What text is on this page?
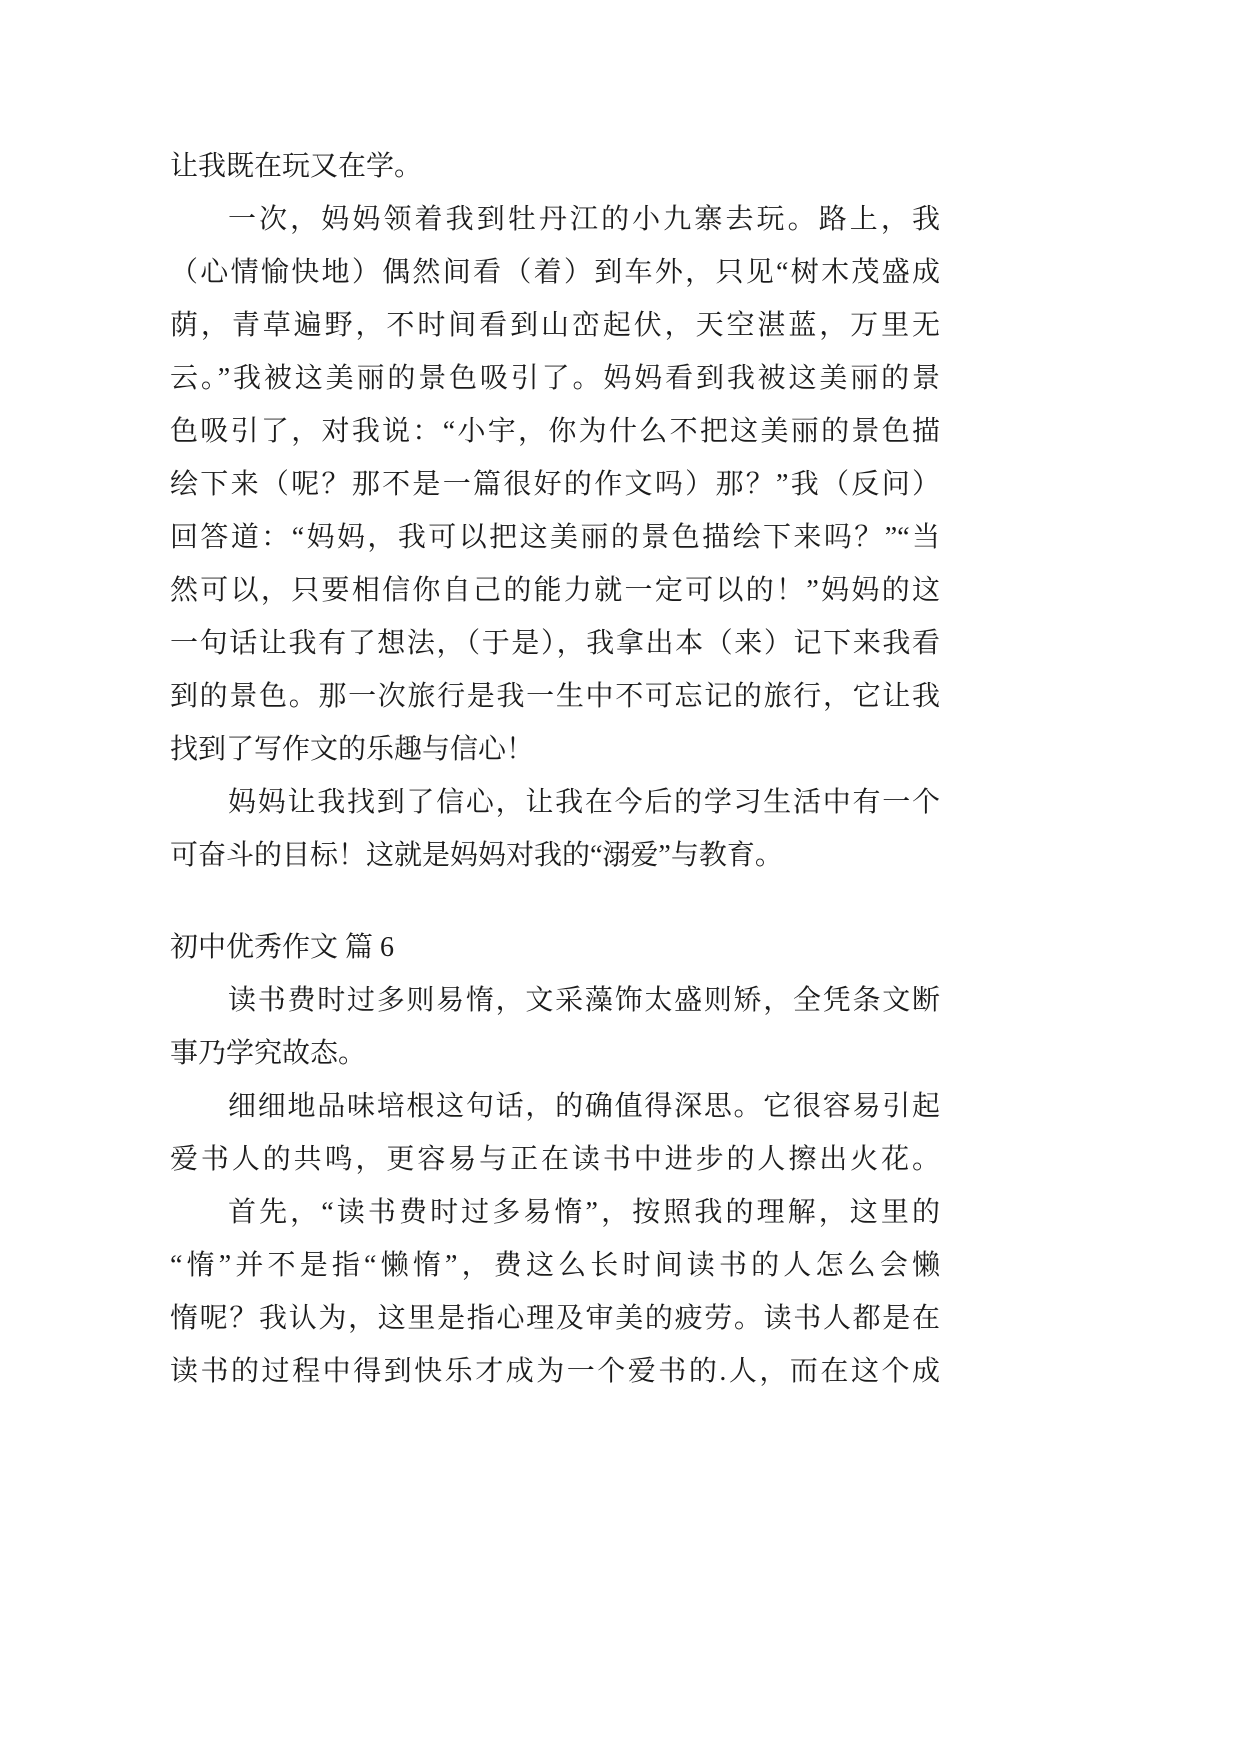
让我既在玩又在学。
一次，妈妈领着我到牡丹江的小九寨去玩。路上，我
（心情愉快地）偶然间看（着）到车外，只见“树木茂盛成
荫，青草遍野，不时间看到山峦起伏，天空湛蓝，万里无
云。”我被这美丽的景色吸引了。妈妈看到我被这美丽的景
色吸引了，对我说：“小宇，你为什么不把这美丽的景色描
绘下来（呢？那不是一篇很好的作文吗）那？”我（反问）
回答道：“妈妈，我可以把这美丽的景色描绘下来吗？”“当
然可以，只要相信你自己的能力就一定可以的！”妈妈的这
一句话让我有了想法，（于是），我拿出本（来）记下来我看
到的景色。那一次旅行是我一生中不可忘记的旅行，它让我
找到了写作文的乐趣与信心！
妈妈让我找到了信心，让我在今后的学习生活中有一个
可奋斗的目标！这就是妈妈对我的“溺爱”与教育。
初中优秀作文 篇 6
读书费时过多则易惰，文采藻饰太盛则矫，全凭条文断
事乃学究故态。
细细地品味培根这句话，的确值得深思。它很容易引起
爱书人的共鸣，更容易与正在读书中进步的人擦出火花。
首先，“读书费时过多易惰”，按照我的理解，这里的
“惰”并不是指“懒惰”，费这么长时间读书的人怎么会懒
惰呢？我认为，这里是指心理及审美的疲劳。读书人都是在
读书的过程中得到快乐才成为一个爱书的.人，而在这个成
